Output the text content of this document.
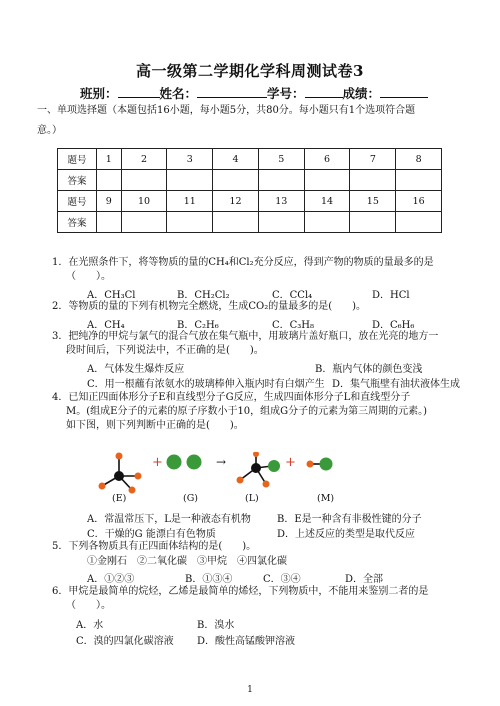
高一级第二学期化学科周测试卷3
班别：	姓名：	学号：	成绩：
一、单项选择题（本题包括16小题，每小题5分，共80分。每小题只有1个选项符合题
意。）
题号	1	2	3	4	5	6	7	8
答案								
题号	9	10	11	12	13	14	15	16
答案								
1．在光照条件下，将等物质的量的CH₄和Cl₂充分反应，得到产物的物质的量最多的是
（　　）。
A．CH₃Cl	B．CH₂Cl₂	C．CCl₄	D．HCl
2．等物质的量的下列有机物完全燃烧，生成CO₂的量最多的是(　　)。
A．CH₄	B．C₂H₆	C．C₃H₈	D．C₆H₆
3．把纯净的甲烷与氯气的混合气放在集气瓶中，用玻璃片盖好瓶口，放在光亮的地方一
段时间后，下列说法中，不正确的是(　　)。
A．气体发生爆炸反应	B．瓶内气体的颜色变浅
C．用一根蘸有浓氨水的玻璃棒伸入瓶内时有白烟产生 D．集气瓶壁有油状液体生成
4．已知正四面体形分子E和直线型分子G反应，生成四面体形分子L和直线型分子
M。(组成E分子的元素的原子序数小于10，组成G分子的元素为第三周期的元素。)
如下图，则下列判断中正确的是(　　)。
+	→	+
(E)	(G)	(L)	(M)
A．常温常压下，L是一种液态有机物	B．E是一种含有非极性键的分子
C．干燥的G 能漂白有色物质	D．上述反应的类型是取代反应
5．下列各物质具有正四面体结构的是(　　)。
①金刚石　②二氧化碳　③甲烷　④四氯化碳
A．①②③	B．①③④	C．③④	D．全部
6．甲烷是最简单的烷烃，乙烯是最简单的烯烃，下列物质中，不能用来鉴别二者的是
（　　）。
A．水	B．溴水
C．溴的四氯化碳溶液 D．酸性高锰酸钾溶液
1
